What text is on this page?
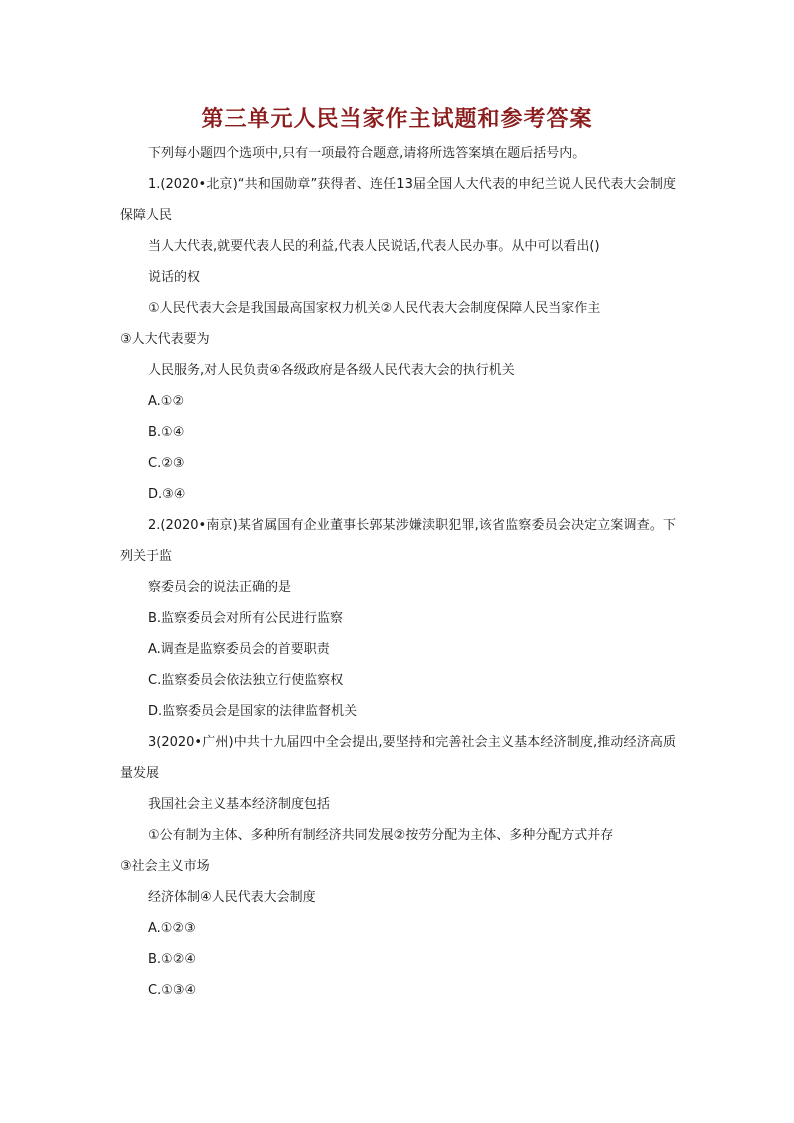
第三单元人民当家作主试题和参考答案

下列每小题四个选项中,只有一项最符合题意,请将所选答案填在题后括号内。

1.(2020•北京)“共和国勋章”获得者、连任13届全国人大代表的申纪兰说人民代表大会制度保障人民

当人大代表,就要代表人民的利益,代表人民说话,代表人民办事。从中可以看出()

说话的权

①人民代表大会是我国最高国家权力机关②人民代表大会制度保障人民当家作主

③人大代表要为

人民服务,对人民负责④各级政府是各级人民代表大会的执行机关

A.①②

B.①④

C.②③

D.③④

2.(2020•南京)某省属国有企业董事长郭某涉嫌渎职犯罪,该省监察委员会决定立案调查。下列关于监

察委员会的说法正确的是

B.监察委员会对所有公民进行监察

A.调查是监察委员会的首要职责

C.监察委员会依法独立行使监察权

D.监察委员会是国家的法律监督机关

3(2020•广州)中共十九届四中全会提出,要坚持和完善社会主义基本经济制度,推动经济高质量发展

我国社会主义基本经济制度包括

①公有制为主体、多种所有制经济共同发展②按劳分配为主体、多种分配方式并存

③社会主义市场

经济体制④人民代表大会制度

A.①②③

B.①②④

C.①③④
